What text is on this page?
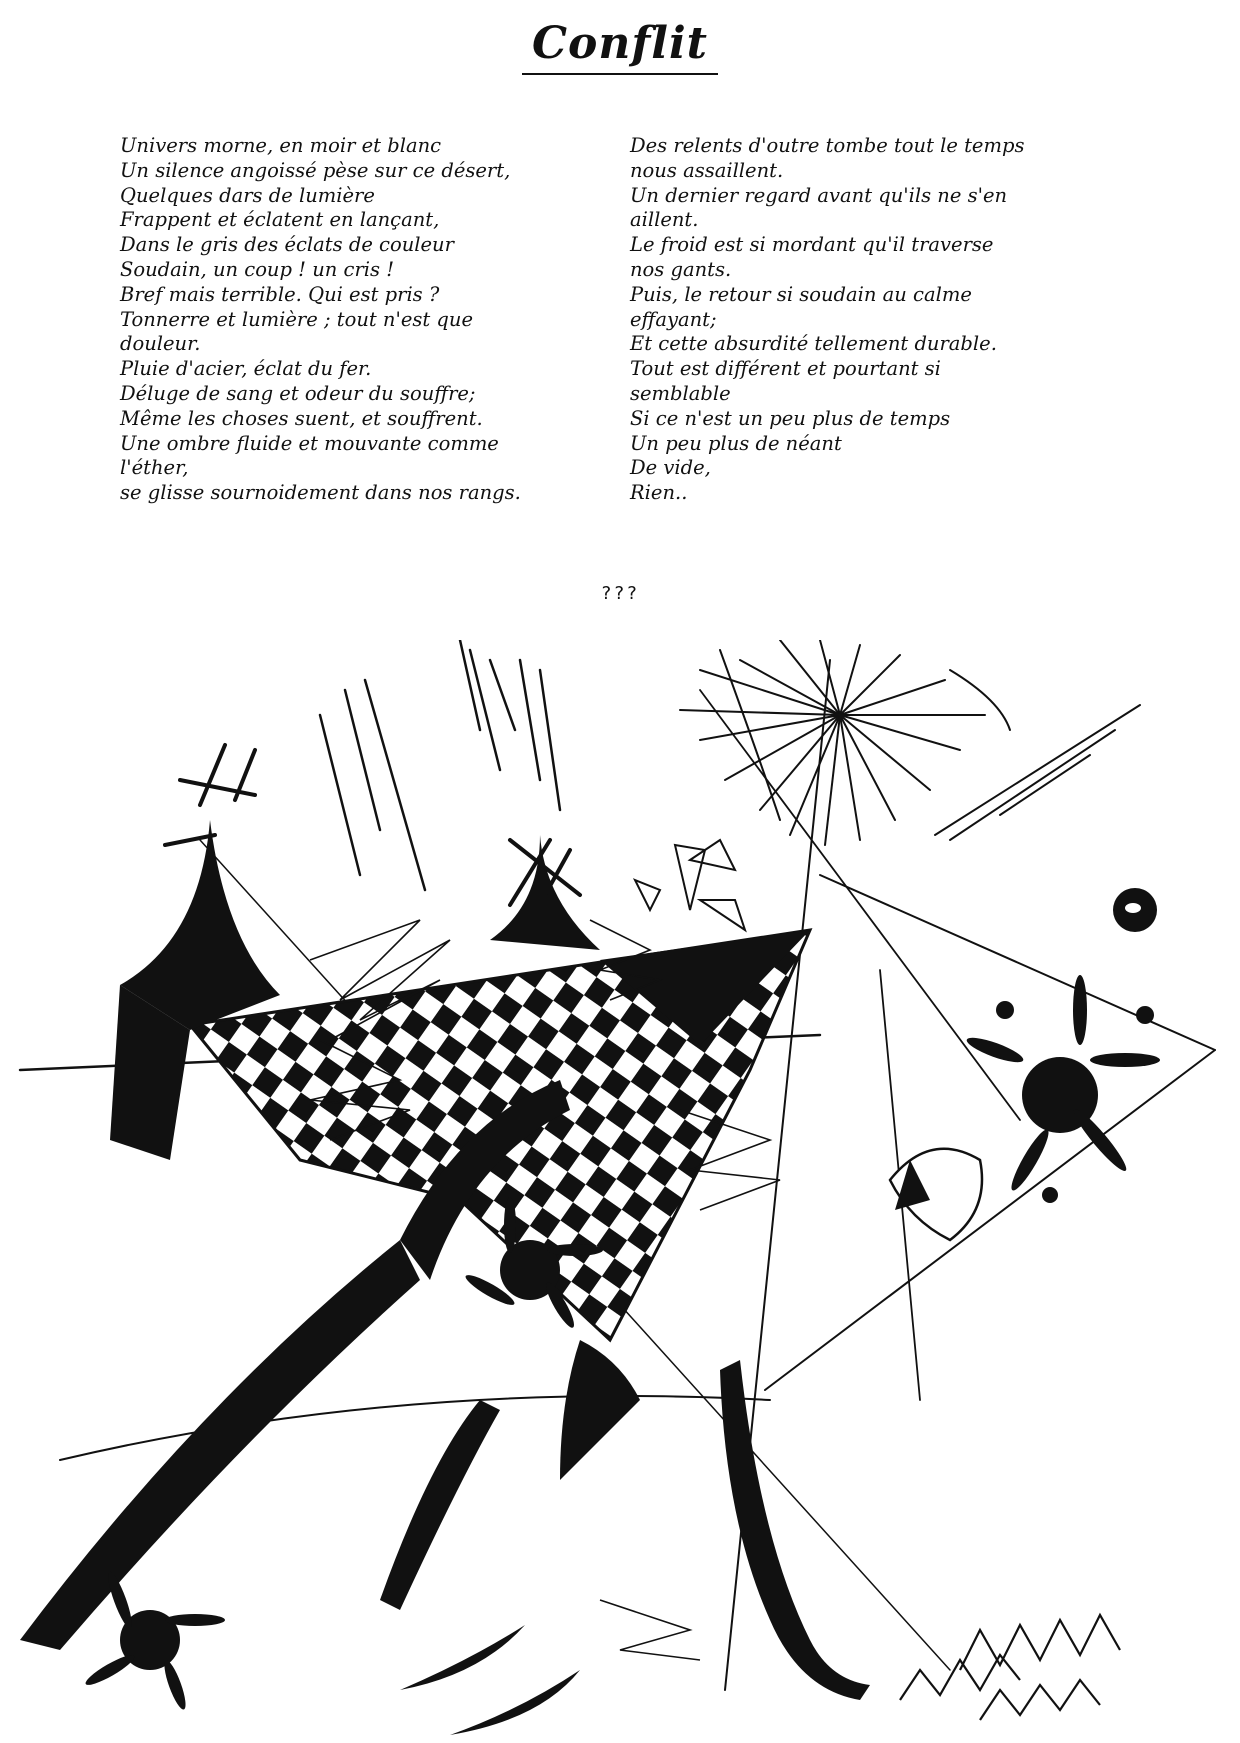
Conflit
Univers morne, en moir et blanc
Un silence angoissé pèse sur ce désert,
Quelques dars de lumière
Frappent et éclatent en lançant,
Dans le gris des éclats de couleur
Soudain, un coup ! un cris !
Bref mais terrible. Qui est pris ?
Tonnerre et lumière ; tout n'est que
douleur.
Pluie d'acier, éclat du fer.
Déluge de sang et odeur du souffre;
Même les choses suent, et souffrent.
Une ombre fluide et mouvante comme
l'éther,
se glisse sournoidement dans nos rangs.
Des relents d'outre tombe tout le temps
nous assaillent.
Un dernier regard avant qu'ils ne s'en
aillent.
Le froid est si mordant qu'il traverse
nos gants.
Puis, le retour si soudain au calme
effayant;
Et cette absurdité tellement durable.
Tout est différent et pourtant si
semblable
Si ce n'est un peu plus de temps
Un peu plus de néant
De vide,
Rien..
???
